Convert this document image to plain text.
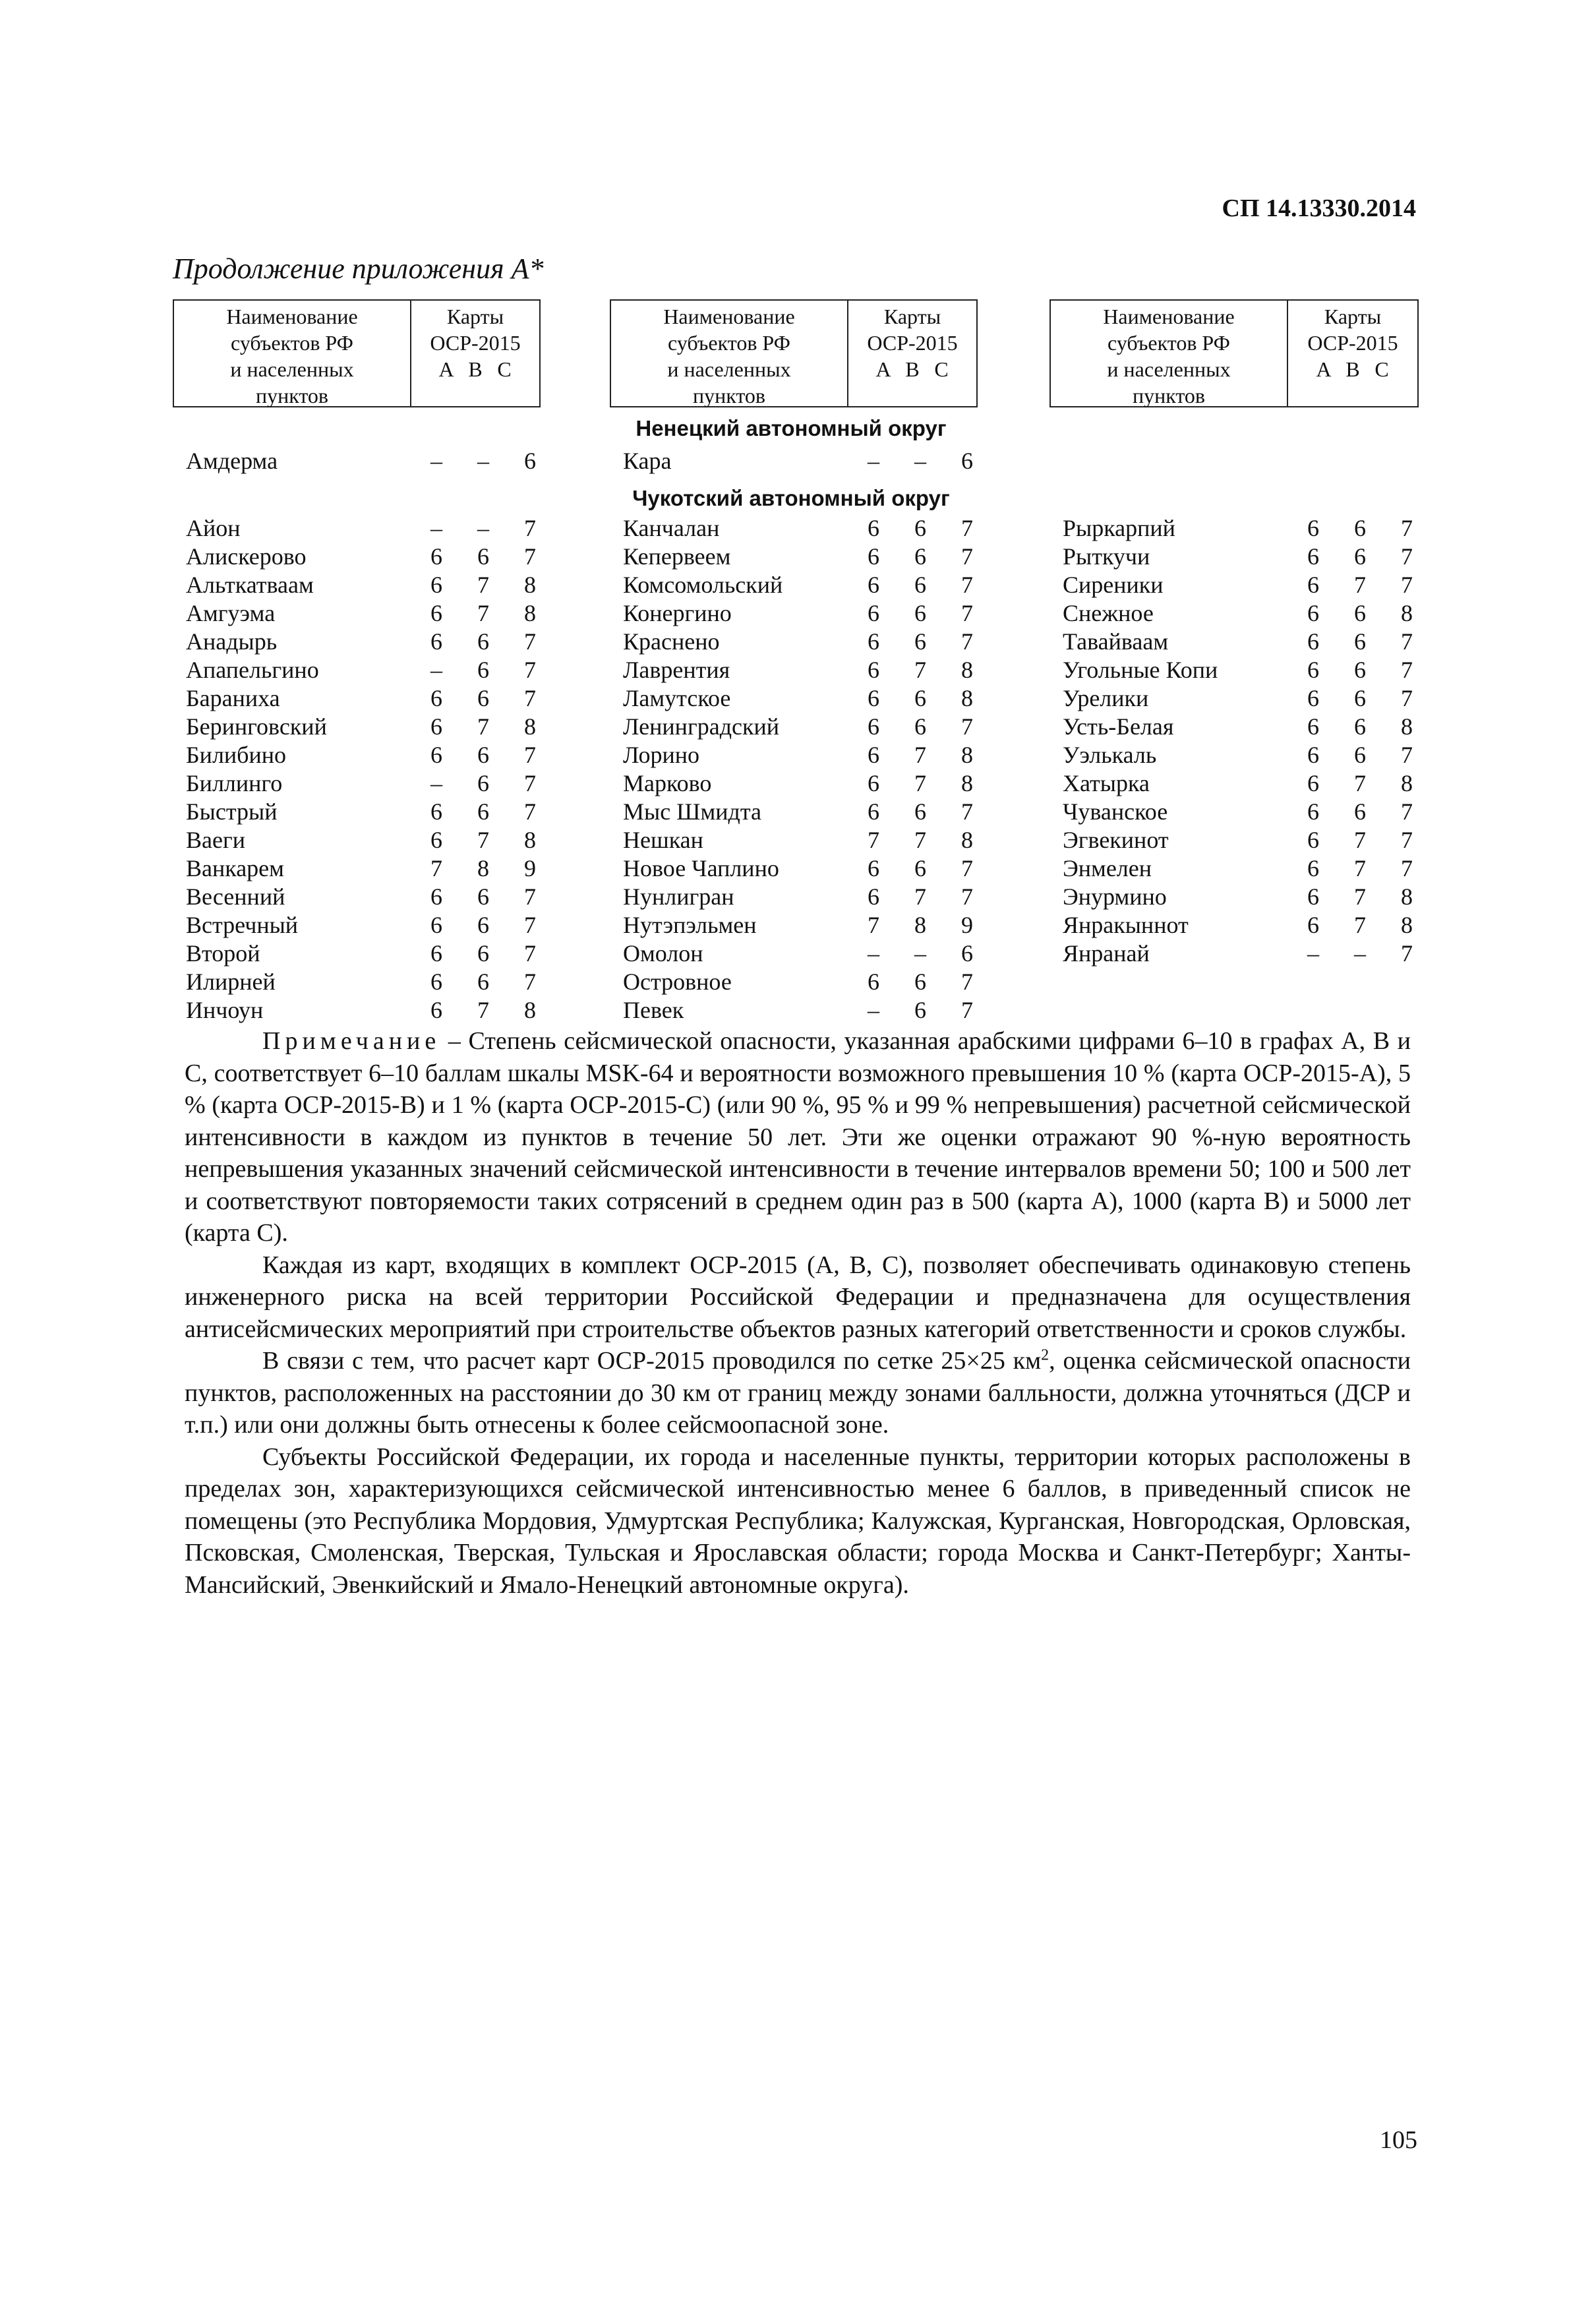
СП 14.13330.2014
Продолжение приложения А*
Наименование
субъектов РФ
и населенных
пунктов
Карты
ОСР-2015
A B C
Наименование
субъектов РФ
и населенных
пунктов
Карты
ОСР-2015
A B C
Наименование
субъектов РФ
и населенных
пунктов
Карты
ОСР-2015
A B C
Ненецкий автономный округ
Чукотский автономный округ
Амдерма	–	–	6
Айон	–	–	7
Алискерово	6	6	7
Альткатваам	6	7	8
Амгуэма	6	7	8
Анадырь	6	6	7
Апапельгино	–	6	7
Бараниха	6	6	7
Беринговский	6	7	8
Билибино	6	6	7
Биллинго	–	6	7
Быстрый	6	6	7
Ваеги	6	7	8
Ванкарем	7	8	9
Весенний	6	6	7
Встречный	6	6	7
Второй	6	6	7
Илирней	6	6	7
Инчоун	6	7	8
Кара	–	–	6
Канчалан	6	6	7
Кепервеем	6	6	7
Комсомольский	6	6	7
Конергино	6	6	7
Краснено	6	6	7
Лаврентия	6	7	8
Ламутское	6	6	8
Ленинградский	6	6	7
Лорино	6	7	8
Марково	6	7	8
Мыс Шмидта	6	6	7
Нешкан	7	7	8
Новое Чаплино	6	6	7
Нунлигран	6	7	7
Нутэпэльмен	7	8	9
Омолон	–	–	6
Островное	6	6	7
Певек	–	6	7
Рыркарпий	6	6	7
Рыткучи	6	6	7
Сиреники	6	7	7
Снежное	6	6	8
Тавайваам	6	6	7
Угольные Копи	6	6	7
Урелики	6	6	7
Усть-Белая	6	6	8
Уэлькаль	6	6	7
Хатырка	6	7	8
Чуванское	6	6	7
Эгвекинот	6	7	7
Энмелен	6	7	7
Энурмино	6	7	8
Янракыннот	6	7	8
Янранай	–	–	7

Примечание – Степень сейсмической опасности, указанная арабскими цифрами 6–10 в графах A, B и C, соответствует 6–10 баллам шкалы MSK-64 и вероятности возможного превышения 10 % (карта ОСР-2015-A), 5 % (карта ОСР-2015-B) и 1 % (карта ОСР-2015-C) (или 90 %, 95 % и 99 % непревышения) расчетной сейсмической интенсивности в каждом из пунктов в течение 50 лет. Эти же оценки отражают 90 %-ную вероятность непревышения указанных значений сейсмической интенсивности в течение интервалов времени 50; 100 и 500 лет и соответствуют повторяемости таких сотрясений в среднем один раз в 500 (карта A), 1000 (карта B) и 5000 лет (карта C).

Каждая из карт, входящих в комплект ОСР-2015 (A, B, C), позволяет обеспечивать одинаковую степень инженерного риска на всей территории Российской Федерации и предназначена для осуществления антисейсмических мероприятий при строительстве объектов разных категорий ответственности и сроков службы.

В связи с тем, что расчет карт ОСР-2015 проводился по сетке 25×25 $км^2$, оценка сейсмической опасности пунктов, расположенных на расстоянии до 30 км от границ между зонами балльности, должна уточняться (ДСР и т.п.) или они должны быть отнесены к более сейсмоопасной зоне.

Субъекты Российской Федерации, их города и населенные пункты, территории которых расположены в пределах зон, характеризующихся сейсмической интенсивностью менее 6 баллов, в приведенный список не помещены (это Республика Мордовия, Удмуртская Республика; Калужская, Курганская, Новгородская, Орловская, Псковская, Смоленская, Тверская, Тульская и Ярославская области; города Москва и Санкт-Петербург; Ханты-Мансийский, Эвенкийский и Ямало-Ненецкий автономные округа).

105
